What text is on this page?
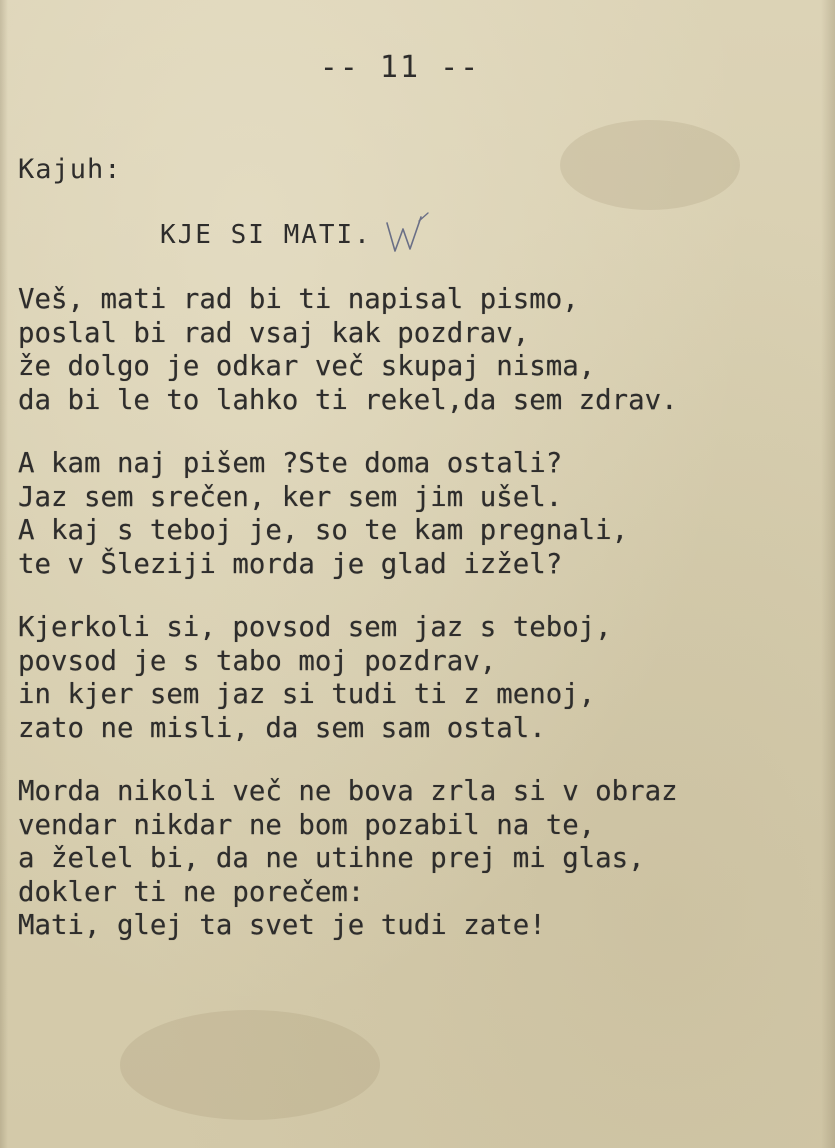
-- 11 --
Kajuh:
KJE SI MATI.
Veš, mati rad bi ti napisal pismo,
poslal bi rad vsaj kak pozdrav,
že dolgo je odkar več skupaj nisma,
da bi le to lahko ti rekel,da sem zdrav.
A kam naj pišem ?Ste doma ostali?
Jaz sem srečen, ker sem jim ušel.
A kaj s teboj je, so te kam pregnali,
te v Šleziji morda je glad izžel?
Kjerkoli si, povsod sem jaz s teboj,
povsod je s tabo moj pozdrav,
in kjer sem jaz si tudi ti z menoj,
zato ne misli, da sem sam ostal.
Morda nikoli več ne bova zrla si v obraz
vendar nikdar ne bom pozabil na te,
a želel bi, da ne utihne prej mi glas,
dokler ti ne porečem:
Mati, glej ta svet je tudi zate!
